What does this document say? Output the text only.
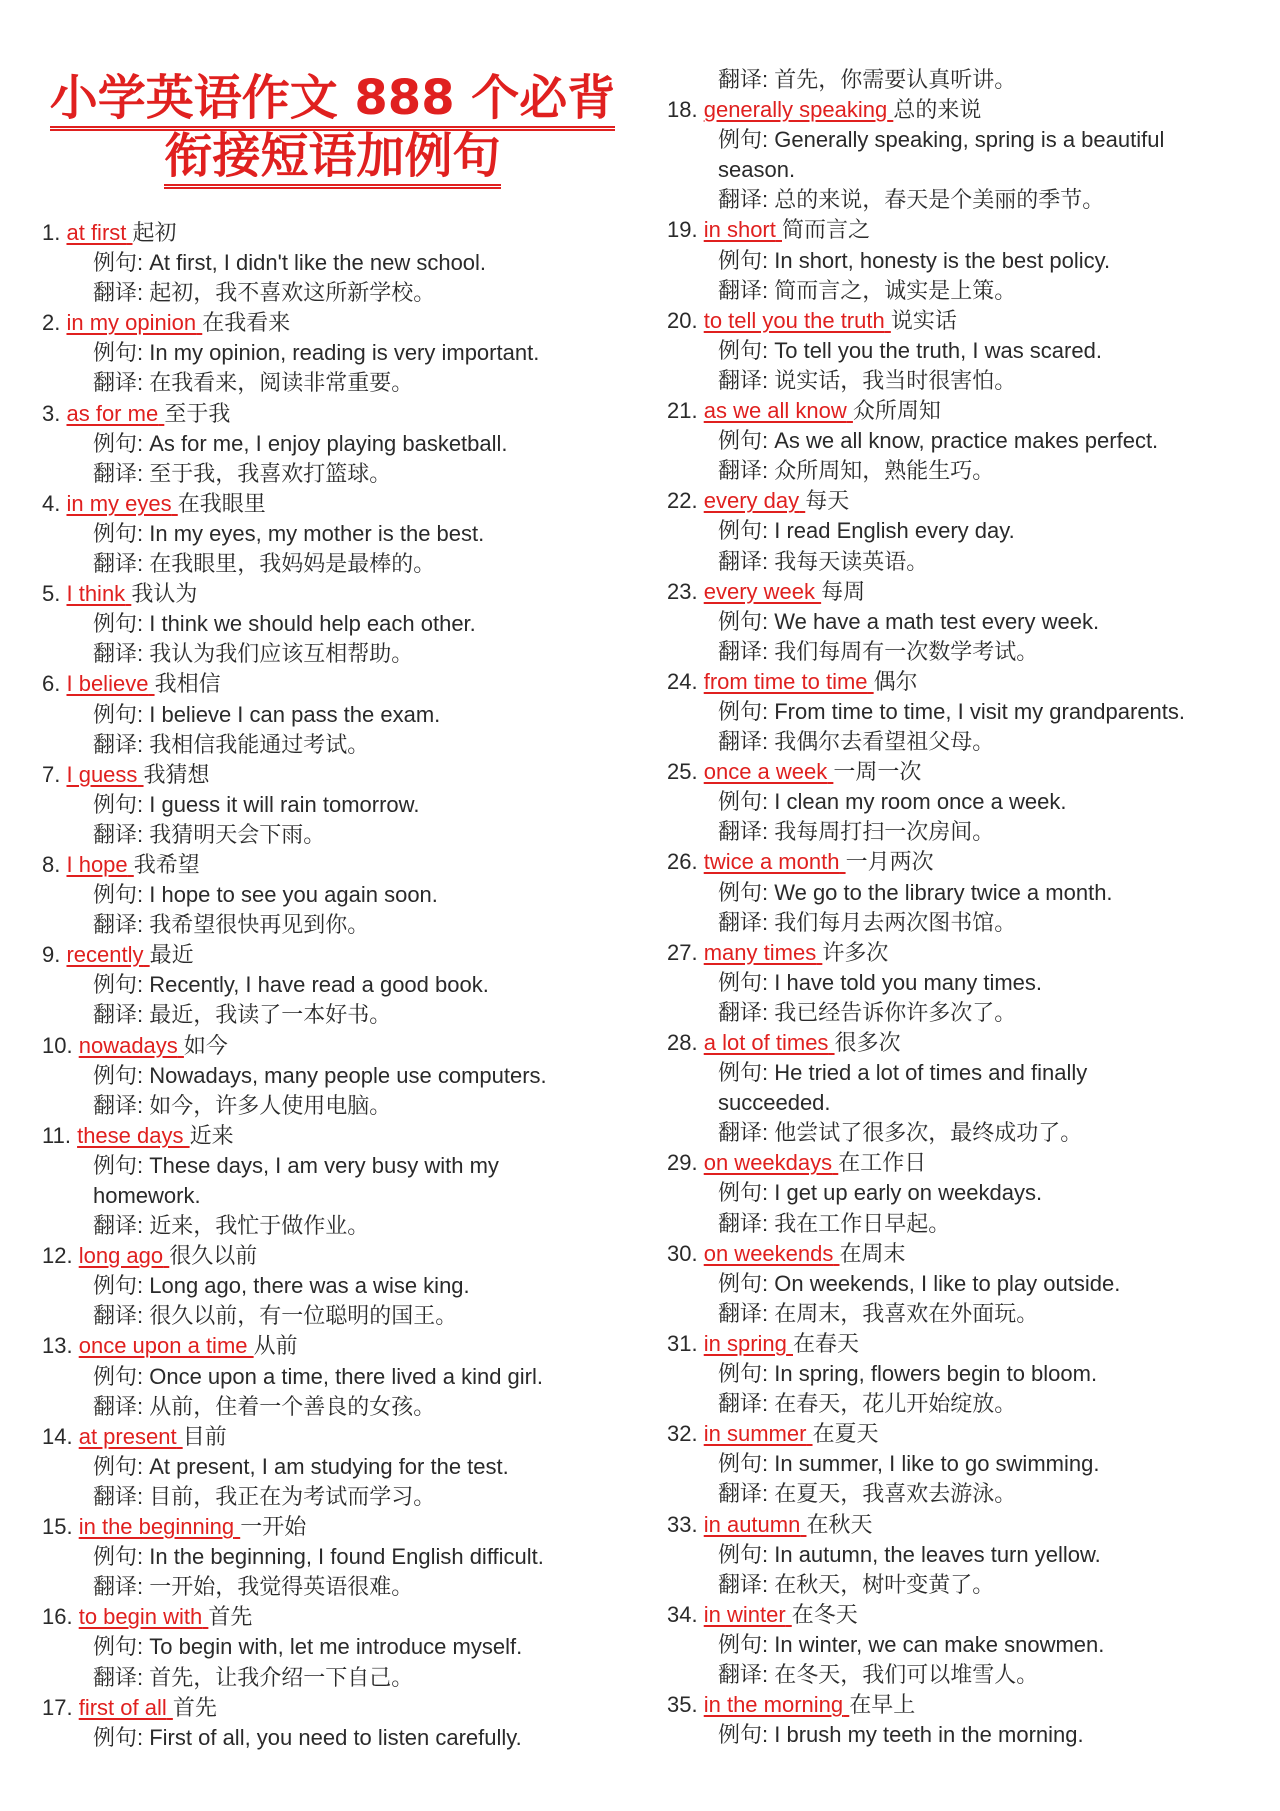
小学英语作文 888 个必背
衔接短语加例句
1. at first 起初
例句: At first, I didn't like the new school.
翻译: 起初，我不喜欢这所新学校。
2. in my opinion 在我看来
例句: In my opinion, reading is very important.
翻译: 在我看来，阅读非常重要。
3. as for me 至于我
例句: As for me, I enjoy playing basketball.
翻译: 至于我，我喜欢打篮球。
4. in my eyes 在我眼里
例句: In my eyes, my mother is the best.
翻译: 在我眼里，我妈妈是最棒的。
5. I think 我认为
例句: I think we should help each other.
翻译: 我认为我们应该互相帮助。
6. I believe 我相信
例句: I believe I can pass the exam.
翻译: 我相信我能通过考试。
7. I guess 我猜想
例句: I guess it will rain tomorrow.
翻译: 我猜明天会下雨。
8. I hope 我希望
例句: I hope to see you again soon.
翻译: 我希望很快再见到你。
9. recently 最近
例句: Recently, I have read a good book.
翻译: 最近，我读了一本好书。
10. nowadays 如今
例句: Nowadays, many people use computers.
翻译: 如今，许多人使用电脑。
11. these days 近来
例句: These days, I am very busy with my
homework.
翻译: 近来，我忙于做作业。
12. long ago 很久以前
例句: Long ago, there was a wise king.
翻译: 很久以前，有一位聪明的国王。
13. once upon a time 从前
例句: Once upon a time, there lived a kind girl.
翻译: 从前，住着一个善良的女孩。
14. at present 目前
例句: At present, I am studying for the test.
翻译: 目前，我正在为考试而学习。
15. in the beginning 一开始
例句: In the beginning, I found English difficult.
翻译: 一开始，我觉得英语很难。
16. to begin with 首先
例句: To begin with, let me introduce myself.
翻译: 首先，让我介绍一下自己。
17. first of all 首先
例句: First of all, you need to listen carefully.
翻译: 首先，你需要认真听讲。
18. generally speaking 总的来说
例句: Generally speaking, spring is a beautiful
season.
翻译: 总的来说，春天是个美丽的季节。
19. in short 简而言之
例句: In short, honesty is the best policy.
翻译: 简而言之，诚实是上策。
20. to tell you the truth 说实话
例句: To tell you the truth, I was scared.
翻译: 说实话，我当时很害怕。
21. as we all know 众所周知
例句: As we all know, practice makes perfect.
翻译: 众所周知，熟能生巧。
22. every day 每天
例句: I read English every day.
翻译: 我每天读英语。
23. every week 每周
例句: We have a math test every week.
翻译: 我们每周有一次数学考试。
24. from time to time 偶尔
例句: From time to time, I visit my grandparents.
翻译: 我偶尔去看望祖父母。
25. once a week 一周一次
例句: I clean my room once a week.
翻译: 我每周打扫一次房间。
26. twice a month 一月两次
例句: We go to the library twice a month.
翻译: 我们每月去两次图书馆。
27. many times 许多次
例句: I have told you many times.
翻译: 我已经告诉你许多次了。
28. a lot of times 很多次
例句: He tried a lot of times and finally
succeeded.
翻译: 他尝试了很多次，最终成功了。
29. on weekdays 在工作日
例句: I get up early on weekdays.
翻译: 我在工作日早起。
30. on weekends 在周末
例句: On weekends, I like to play outside.
翻译: 在周末，我喜欢在外面玩。
31. in spring 在春天
例句: In spring, flowers begin to bloom.
翻译: 在春天，花儿开始绽放。
32. in summer 在夏天
例句: In summer, I like to go swimming.
翻译: 在夏天，我喜欢去游泳。
33. in autumn 在秋天
例句: In autumn, the leaves turn yellow.
翻译: 在秋天，树叶变黄了。
34. in winter 在冬天
例句: In winter, we can make snowmen.
翻译: 在冬天，我们可以堆雪人。
35. in the morning 在早上
例句: I brush my teeth in the morning.
